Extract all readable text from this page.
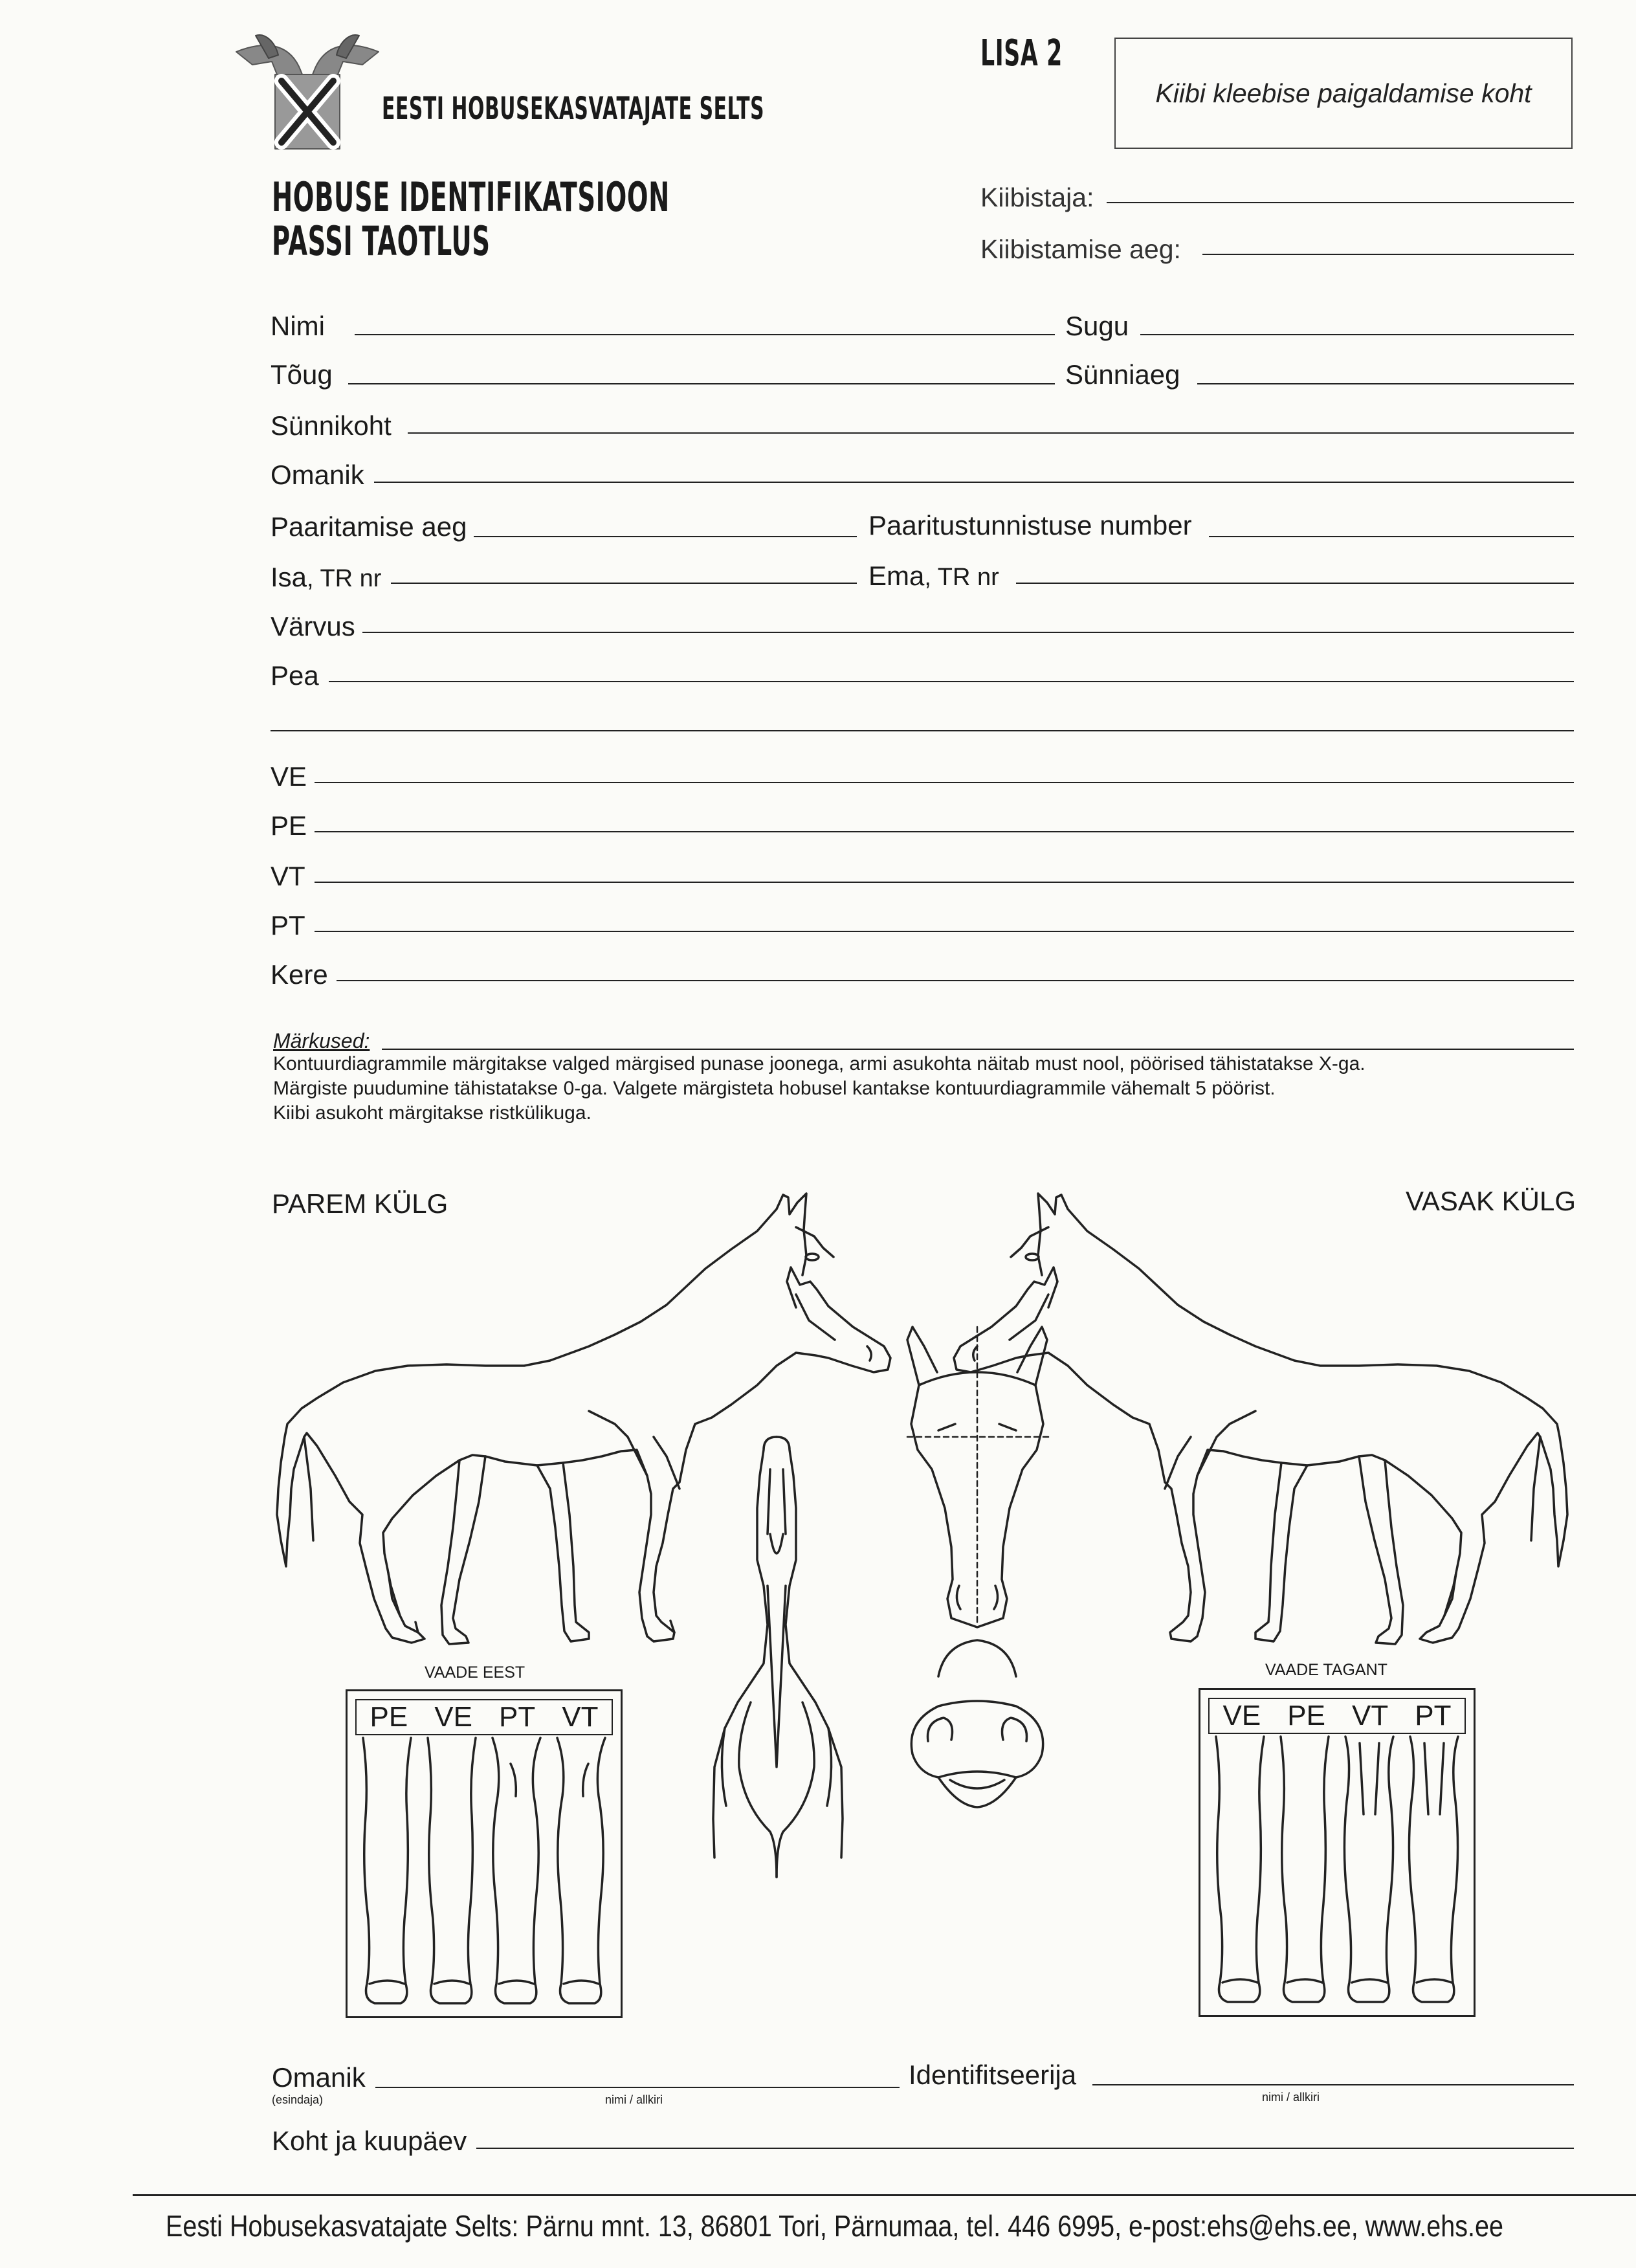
EESTI HOBUSEKASVATAJATE SELTS
LISA 2
Kiibi kleebise paigaldamise koht
HOBUSE IDENTIFIKATSIOON
PASSI TAOTLUS
Kiibistaja:
Kiibistamise aeg:
Nimi	Sugu
Tõug	Sünniaeg
Sünnikoht
Omanik
Paaritamise aeg	Paaritustunnistuse number
Isa, TR nr	Ema, TR nr
Värvus
Pea
VE
PE
VT
PT
Kere
Märkused:
Kontuurdiagrammile märgitakse valged märgised punase joonega, armi asukohta näitab must nool, pöörised tähistatakse X-ga.
Märgiste puudumine tähistatakse 0-ga. Valgete märgisteta hobusel kantakse kontuurdiagrammile vähemalt 5 pöörist.
Kiibi asukoht märgitakse ristkülikuga.
PAREM KÜLG	VASAK KÜLG
VAADE EEST
PE VE PT VT
VAADE TAGANT
VE PE VT PT
Omanik
(esindaja)	nimi / allkiri
Identifitseerija
nimi / allkiri
Koht ja kuupäev
Eesti Hobusekasvatajate Selts: Pärnu mnt. 13, 86801 Tori, Pärnumaa, tel. 446 6995, e-post:ehs@ehs.ee, www.ehs.ee
